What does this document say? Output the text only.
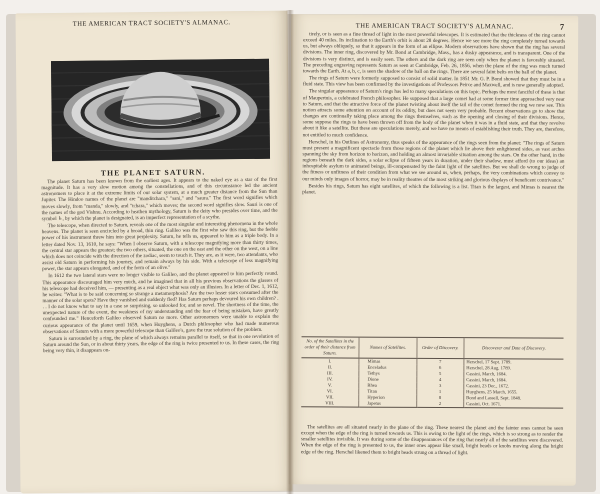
THE AMERICAN TRACT SOCIETY'S ALMANAC.
THE PLANET SATURN.

The planet Saturn has been known from the earliest ages. It appears to the naked eye as a star of the first magnitude. It has a very slow motion among the constellations, and of this circumstance led the ancient astronomers to place it at the extreme limits of our solar system, at a much greater distance from the Sun than Jupiter. The Hindoo names of the planet are "manditchara," "sani," and "saura." The first word signifies which moves slowly, from "manda," slowly, and "tchara," which moves; the second word signifies slow. Sauri is one of the names of the god Vishnu. According to heathen mythology, Saturn is the deity who presides over time, and the symbol ♄, by which the planet is designated, is an imperfect representation of a scythe.

The telescope, when directed to Saturn, reveals one of the most singular and interesting phenomena in the whole heavens. The planet is seen encircled by a broad, thin ring. Galileo was the first who saw this ring, but the feeble power of his instrument threw him into great perplexity. Saturn, he tells us, appeared to him as a triple body. In a letter dated Nov. 13, 1610, he says: "When I observe Saturn, with a telescope magnifying more than thirty times, the central star appears the greatest; the two others, situated, the one on the east and the other on the west, on a line which does not coincide with the direction of the zodiac, seem to touch it. They are, as it were, two attendants, who assist old Saturn in performing his journey, and remain always by his side. With a telescope of less magnifying power, the star appears elongated, and of the form of an olive."

In 1612 the two lateral stars were no longer visible to Galileo, and the planet appeared to him perfectly round. This appearance discouraged him very much, and he imagined that in all his previous observations the glasses of his telescope had deceived him, — presenting as a real object what was only an illusion. In a letter of Dec. 1, 1612, he writes: "What is to be said concerning so strange a metamorphosis? Are the two lesser stars consumed after the manner of the solar spots? Have they vanished and suddenly fled? Has Saturn perhaps devoured his own children? . . . I do not know what to say in a case so surprising, so unlooked for, and so novel. The shortness of the time, the unexpected nature of the event, the weakness of my understanding and the fear of being mistaken, have greatly confounded me." Henceforth Galileo observed Saturn no more. Other astronomers were unable to explain the curious appearance of the planet until 1659, when Huyghens, a Dutch philosopher who had made numerous observations of Saturn with a more powerful telescope than Galileo's, gave the true solution of the problem.

Saturn is surrounded by a ring, the plane of which always remains parallel to itself, so that in one revolution of Saturn around the Sun, or in about thirty years, the edge of the ring is twice presented to us. In these cases, the ring being very thin, it disappears on-

THE AMERICAN TRACT SOCIETY'S ALMANAC.	7

tirely, or is seen as a fine thread of light in the most powerful telescopes. It is estimated that the thickness of the ring cannot exceed 40 miles. Its inclination to the Earth's orbit is about 28 degrees. Hence we see more the ring completely turned towards us, but always obliquely, so that it appears in the form of an ellipse. Modern observations have shown that the ring has several divisions. The inner ring, discovered by Mr. Bond at Cambridge, Mass., has a dusky appearance, and is transparent. One of the divisions is very distinct, and is easily seen. The others and the dark ring are seen only when the planet is favorably situated. The preceding engraving represents Saturn as seen at Cambridge, Feb. 26, 1856, when the plane of the ring was much turned towards the Earth. At a, b, c, is seen the shadow of the ball on the rings. There are several faint belts on the ball of the planet.

The rings of Saturn were formerly supposed to consist of solid matter. In 1851 Mr. G. P. Bond showed that they must be in a fluid state. This view has been confirmed by the investigations of Professors Peirce and Maxwell, and is now generally adopted.

The singular appearance of Saturn's rings has led to many speculations on this topic. Perhaps the most fanciful of these is that of Maupertuis, a celebrated French philosopher. He supposed that a large comet had at some former time approached very near to Saturn, and that the attractive force of the planet twisting about itself the tail of the comet formed the ring we now see. This notion attracts some attention on account of its oddity, but does not seem very probable. Recent observations go to show that changes are continually taking place among the rings themselves, such as the opening and closing of their divisions. Hence, some suppose the rings to have been thrown off from the body of the planet when it was in a fluid state, and that they revolve about it like a satellite. But these are speculations merely, and we have no means of establishing their truth. They are, therefore, not entitled to much confidence.

Herschel, in his Outlines of Astronomy, thus speaks of the appearance of the rings seen from the planet: "The rings of Saturn must present a magnificent spectacle from those regions of the planet which lie above their enlightened sides, as vast arches spanning the sky from horizon to horizon, and holding an almost invariable situation among the stars. On the other hand, in the regions beneath the dark sides, a solar eclipse of fifteen years in duration, under their shadow, must afford (to our ideas) an inhospitable asylum to animated beings, ill-compensated by the faint light of the satellites. But we shall do wrong to judge of the fitness or unfitness of their condition from what we see around us, when, perhaps, the very combinations which convey to our minds only images of horror, may be in reality theatres of the most striking and glorious displays of beneficent contrivance."

Besides his rings, Saturn has eight satellites, of which the following is a list. Titan is the largest, and Mimas is nearest the planet.

No. of the Satellites in the order of their distance from Saturn.	Names of Satellites.	Order of Discovery.	Discoverer and Date of Discovery.
I.	Mimas	7	Herschel, 17 Sept. 1789.
II.	Enceladus	6	Herschel, 28 Aug. 1789.
III.	Tethys	5	Cassini, March, 1684.
IV.	Dione	4	Cassini, March, 1684.
V.	Rhea	3	Cassini, 23 Dec., 1672.
VI.	Titan	1	Huyghens, 25 March, 1655.
VII.	Hyperion	8	Bond and Lassell, Sept. 1848.
VIII.	Japetus	2	Cassini, Oct. 1671.

The satellites are all situated nearly in the plane of the ring. These nearest the planet and the fainter ones cannot be seen except when the edge of the ring is turned towards us. This is owing to the light of the rings, which is so strong as to render the smaller satellites invisible. It was during some of the disappearances of the ring that nearly all of the satellites were discovered. When the edge of the ring is presented to us, the inner ones appear like small, bright beads or knobs moving along the bright edge of the ring. Herschel likened them to bright beads strung on a thread of light.
